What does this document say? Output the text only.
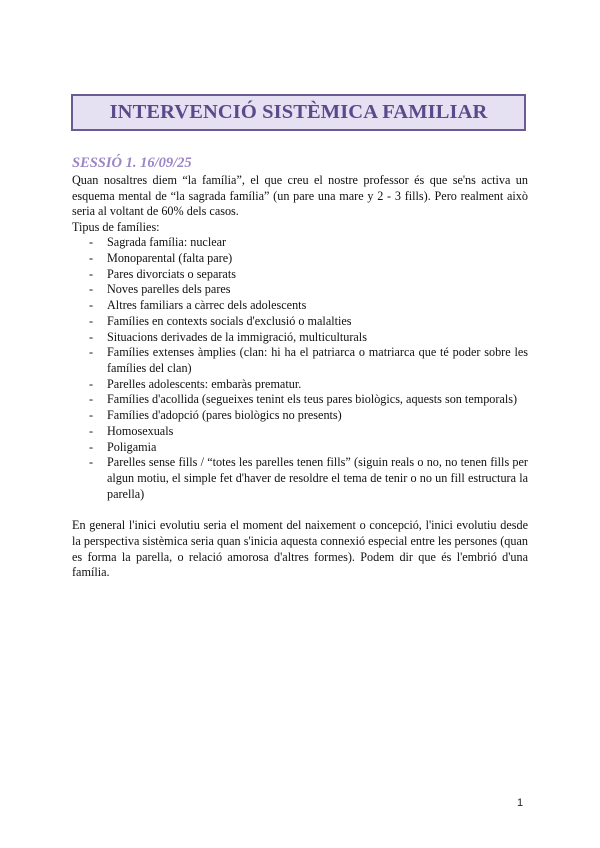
INTERVENCIÓ SISTÈMICA FAMILIAR
SESSIÓ 1. 16/09/25

Quan nosaltres diem “la família”, el que creu el nostre professor és que se'ns activa un esquema mental de “la sagrada família” (un pare una mare y 2 - 3 fills). Pero realment això seria al voltant de 60% dels casos.

Tipus de famílies:

- Sagrada família: nuclear
- Monoparental (falta pare)
- Pares divorciats o separats
- Noves parelles dels pares
- Altres familiars a càrrec dels adolescents
- Famílies en contexts socials d'exclusió o malalties
- Situacions derivades de la immigració, multiculturals
- Famílies extenses àmplies (clan: hi ha el patriarca o matriarca que té poder sobre les famílies del clan)
- Parelles adolescents: embaràs prematur.
- Famílies d'acollida (segueixes tenint els teus pares biològics, aquests son temporals)
- Famílies d'adopció (pares biològics no presents)
- Homosexuals
- Poligamia
- Parelles sense fills / “totes les parelles tenen fills” (siguin reals o no, no tenen fills per algun motiu, el simple fet d'haver de resoldre el tema de tenir o no un fill estructura la parella)

En general l'inici evolutiu seria el moment del naixement o concepció, l'inici evolutiu desde la perspectiva sistèmica seria quan s'inicia aquesta connexió especial entre les persones (quan es forma la parella, o relació amorosa d'altres formes). Podem dir que és l'embrió d'una família.

1
